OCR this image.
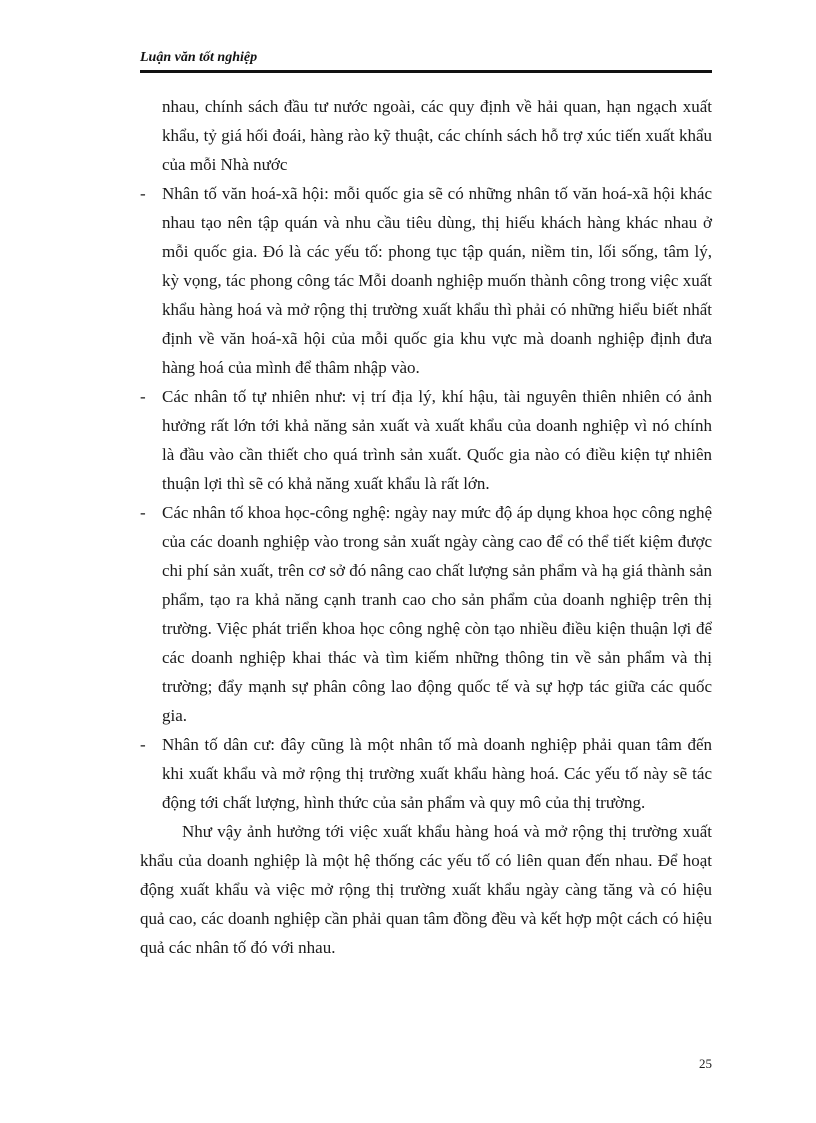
Luận văn tốt nghiệp

nhau, chính sách đầu tư nước ngoài, các quy định về hải quan, hạn ngạch xuất khẩu, tỷ giá hối đoái, hàng rào kỹ thuật, các chính sách hỗ trợ xúc tiến xuất khẩu của mỗi Nhà nước

- Nhân tố văn hoá-xã hội: mỗi quốc gia sẽ có những nhân tố văn hoá-xã hội khác nhau tạo nên tập quán và nhu cầu tiêu dùng, thị hiếu khách hàng khác nhau ở mỗi quốc gia. Đó là các yếu tố: phong tục tập quán, niềm tin, lối sống, tâm lý, kỳ vọng, tác phong công tác Mỗi doanh nghiệp muốn thành công trong việc xuất khẩu hàng hoá và mở rộng thị trường xuất khẩu thì phải có những hiểu biết nhất định về văn hoá-xã hội của mỗi quốc gia khu vực mà doanh nghiệp định đưa hàng hoá của mình để thâm nhập vào.
- Các nhân tố tự nhiên như: vị trí địa lý, khí hậu, tài nguyên thiên nhiên có ảnh hưởng rất lớn tới khả năng sản xuất và xuất khẩu của doanh nghiệp vì nó chính là đầu vào cần thiết cho quá trình sản xuất. Quốc gia nào có điều kiện tự nhiên thuận lợi thì sẽ có khả năng xuất khẩu là rất lớn.
- Các nhân tố khoa học-công nghệ: ngày nay mức độ áp dụng khoa học công nghệ của các doanh nghiệp vào trong sản xuất ngày càng cao để có thể tiết kiệm được chi phí sản xuất, trên cơ sở đó nâng cao chất lượng sản phẩm và hạ giá thành sản phẩm, tạo ra khả năng cạnh tranh cao cho sản phẩm của doanh nghiệp trên thị trường. Việc phát triển khoa học công nghệ còn tạo nhiều điều kiện thuận lợi để các doanh nghiệp khai thác và tìm kiếm những thông tin về sản phẩm và thị trường; đẩy mạnh sự phân công lao động quốc tế và sự hợp tác giữa các quốc gia.
- Nhân tố dân cư: đây cũng là một nhân tố mà doanh nghiệp phải quan tâm đến khi xuất khẩu và mở rộng thị trường xuất khẩu hàng hoá. Các yếu tố này sẽ tác động tới chất lượng, hình thức của sản phẩm và quy mô của thị trường.

Như vậy ảnh hưởng tới việc xuất khẩu hàng hoá và mở rộng thị trường xuất khẩu của doanh nghiệp là một hệ thống các yếu tố có liên quan đến nhau. Để hoạt động xuất khẩu và việc mở rộng thị trường xuất khẩu ngày càng tăng và có hiệu quả cao, các doanh nghiệp cần phải quan tâm đồng đều và kết hợp một cách có hiệu quả các nhân tố đó với nhau.

25
